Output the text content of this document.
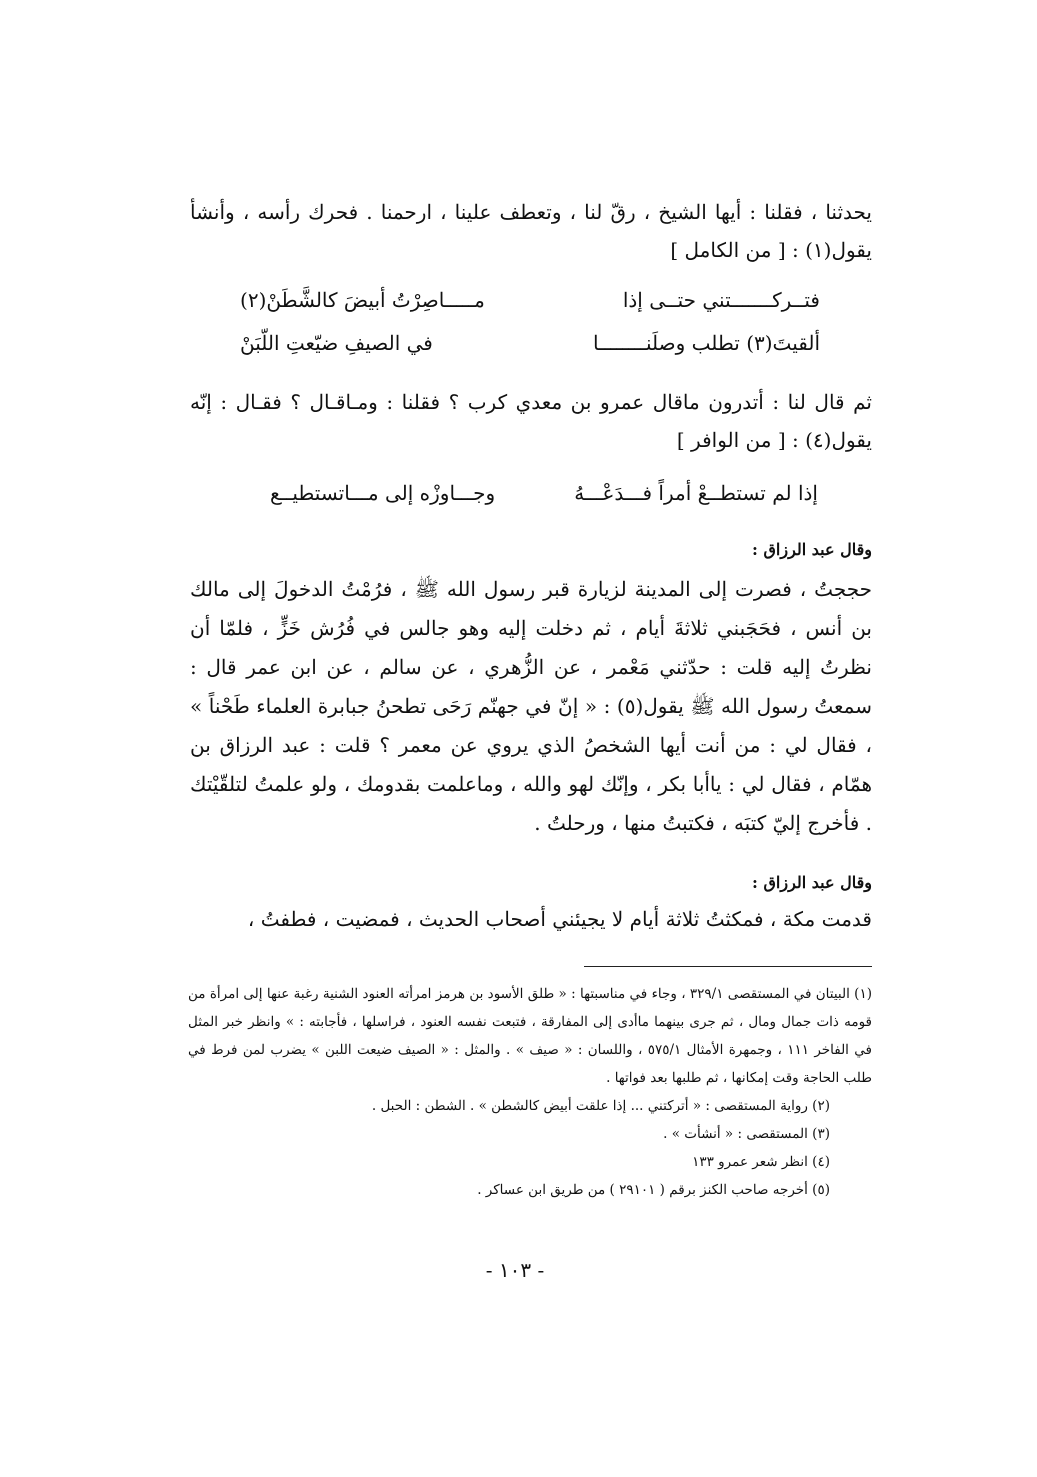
يحدثنا ، فقلنا : أيها الشيخ ، رقّ لنا ، وتعطف علينا ، ارحمنا . فحرك رأسه ، وأنشأ يقول(١) : [ من الكامل ]
فتــركـــــــتني حتــى إذا
مـــــاصِرْتُ أبيضَ كالشَّطَنْ(٢)
ألقيتَ(٣) تطلب وصلَنــــــــا
في الصيفِ ضيّعتِ اللّبَنْ
ثم قال لنا : أتدرون ماقال عمرو بن معدي كرب ؟ فقلنا : ومـاقـال ؟ فقـال : إنّه يقول(٤) : [ من الوافر ]
إذا لم تستطــعْ أمراً فـــدَعْـــهُ
وجـــاوزْه إلى مـــاتستطيــع
وقال عبد الرزاق :
حججتُ ، فصرت إلى المدينة لزيارة قبر رسول الله ﷺ ، فرُمْتُ الدخولَ إلى مالك بن أنس ، فحَجَبني ثلاثةَ أيام ، ثم دخلت إليه وهو جالس في فُرُش خَزٍّ ، فلمّا أن نظرتُ إليه قلت : حدّثني مَعْمر ، عن الزُّهري ، عن سالم ، عن ابن عمر قال : سمعتُ رسول الله ﷺ يقول(٥) : « إنّ في جهنّم رَحَى تطحنُ جبابرة العلماء طَحْناً » ، فقال لي : من أنت أيها الشخصُ الذي يروي عن معمر ؟ قلت : عبد الرزاق بن همّام ، فقال لي : ياأبا بكر ، وإنّك لهو والله ، وماعلمت بقدومك ، ولو علمتُ لتلقّيْتك . فأخرج إليّ كتبَه ، فكتبتُ منها ، ورحلتُ .
وقال عبد الرزاق :
قدمت مكة ، فمكثتُ ثلاثة أيام لا يجيئني أصحاب الحديث ، فمضيت ، فطفتُ ،
(١) البيتان في المستقصى ٣٢٩/١ ، وجاء في مناسبتها : « طلق الأسود بن هرمز امرأته العنود الشنية رغبة عنها إلى امرأة من قومه ذات جمال ومال ، ثم جرى بينهما ماأدى إلى المفارقة ، فتبعت نفسه العنود ، فراسلها ، فأجابته : » وانظر خبر المثل في الفاخر ١١١ ، وجمهرة الأمثال ٥٧٥/١ ، واللسان : « صيف » . والمثل : « الصيف ضيعت اللبن » يضرب لمن فرط في طلب الحاجة وقت إمكانها ، ثم طلبها بعد فواتها .
(٢) رواية المستقصى : « أتركتني ... إذا علقت أبيض كالشطن » . الشطن : الحبل .
(٣) المستقصى : « أنشأت » .
(٤) انظر شعر عمرو ١٣٣
(٥) أخرجه صاحب الكنز برقم ( ٢٩١٠١ ) من طريق ابن عساكر .
- ١٠٣ -
